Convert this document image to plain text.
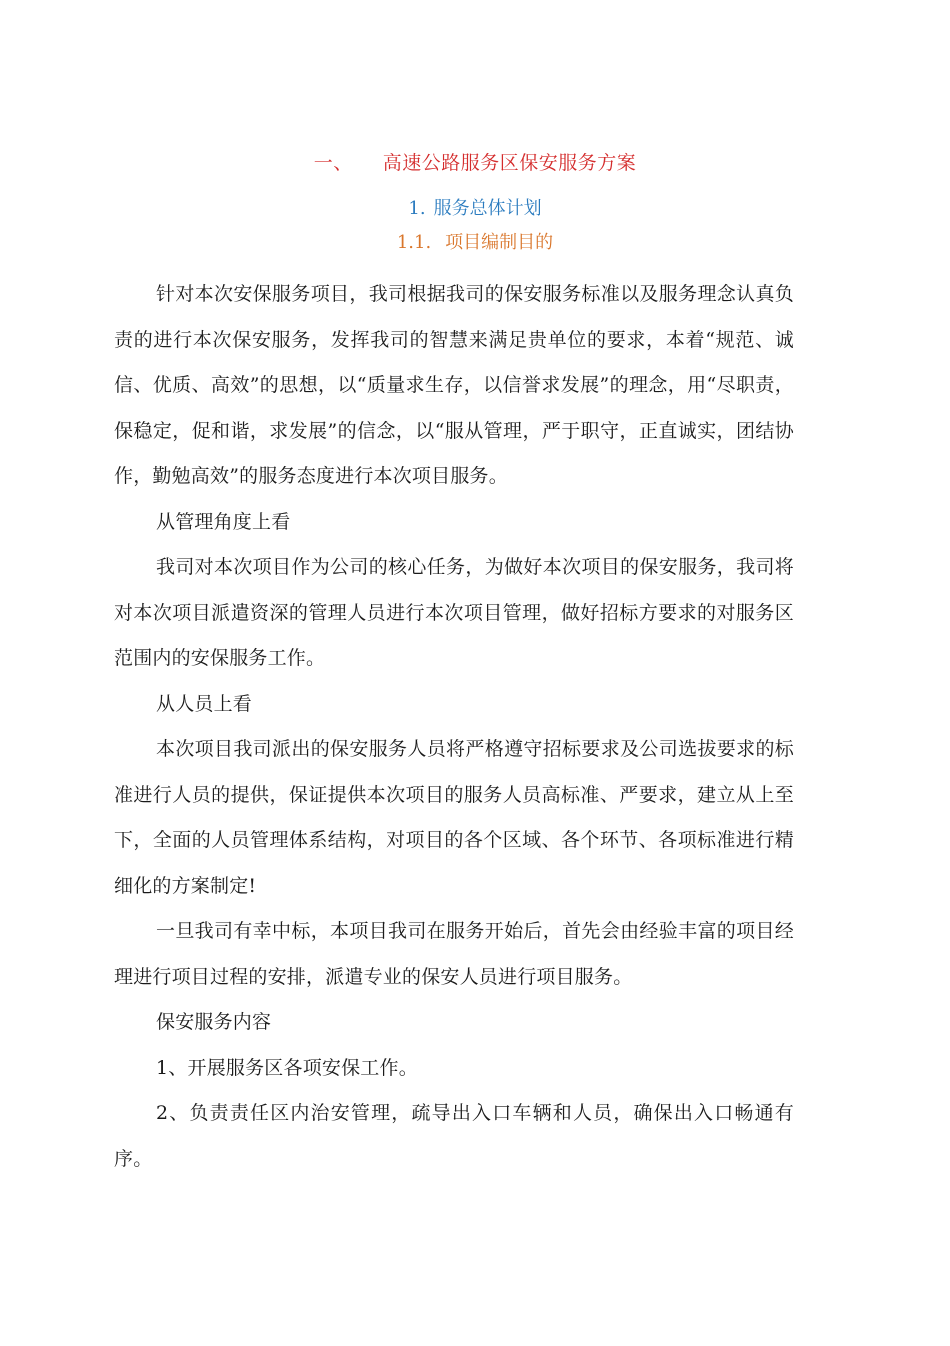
一、 高速公路服务区保安服务方案
1. 服务总体计划
1.1. 项目编制目的

针对本次安保服务项目，我司根据我司的保安服务标准以及服务理念认真负责的进行本次保安服务，发挥我司的智慧来满足贵单位的要求，本着“规范、诚信、优质、高效”的思想，以“质量求生存，以信誉求发展”的理念，用“尽职责，保稳定，促和谐，求发展”的信念，以“服从管理，严于职守，正直诚实，团结协作，勤勉高效”的服务态度进行本次项目服务。

从管理角度上看

我司对本次项目作为公司的核心任务，为做好本次项目的保安服务，我司将对本次项目派遣资深的管理人员进行本次项目管理，做好招标方要求的对服务区范围内的安保服务工作。

从人员上看

本次项目我司派出的保安服务人员将严格遵守招标要求及公司选拔要求的标准进行人员的提供，保证提供本次项目的服务人员高标准、严要求，建立从上至下，全面的人员管理体系结构，对项目的各个区域、各个环节、各项标准进行精细化的方案制定!

一旦我司有幸中标，本项目我司在服务开始后，首先会由经验丰富的项目经理进行项目过程的安排，派遣专业的保安人员进行项目服务。

保安服务内容

1、开展服务区各项安保工作。

2、负责责任区内治安管理，疏导出入口车辆和人员，确保出入口畅通有序。
